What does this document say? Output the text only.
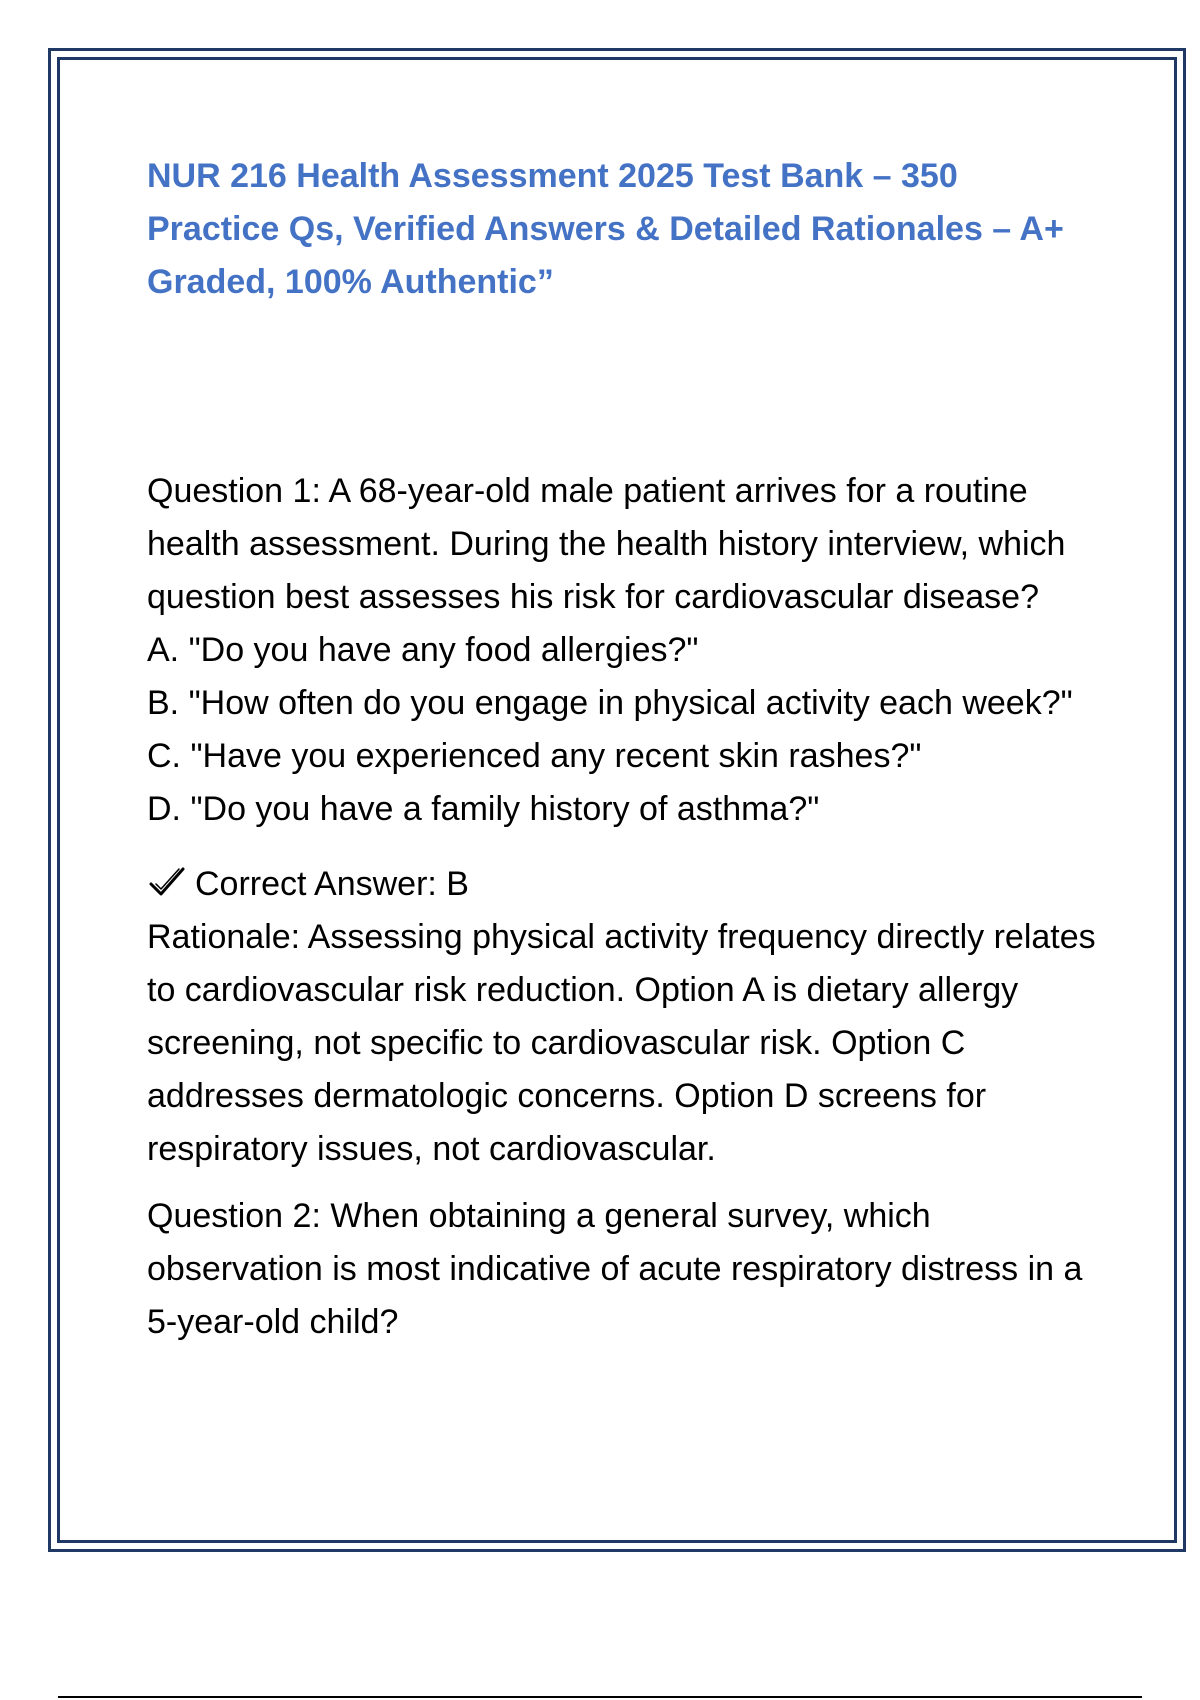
NUR 216 Health Assessment 2025 Test Bank – 350 Practice Qs, Verified Answers & Detailed Rationales – A+ Graded, 100% Authentic”

Question 1: A 68-year-old male patient arrives for a routine health assessment. During the health history interview, which question best assesses his risk for cardiovascular disease?

A. "Do you have any food allergies?"

B. "How often do you engage in physical activity each week?"

C. "Have you experienced any recent skin rashes?"

D. "Do you have a family history of asthma?"

Correct Answer: B

Rationale: Assessing physical activity frequency directly relates to cardiovascular risk reduction. Option A is dietary allergy screening, not specific to cardiovascular risk. Option C addresses dermatologic concerns. Option D screens for respiratory issues, not cardiovascular.

Question 2: When obtaining a general survey, which observation is most indicative of acute respiratory distress in a 5-year-old child?
